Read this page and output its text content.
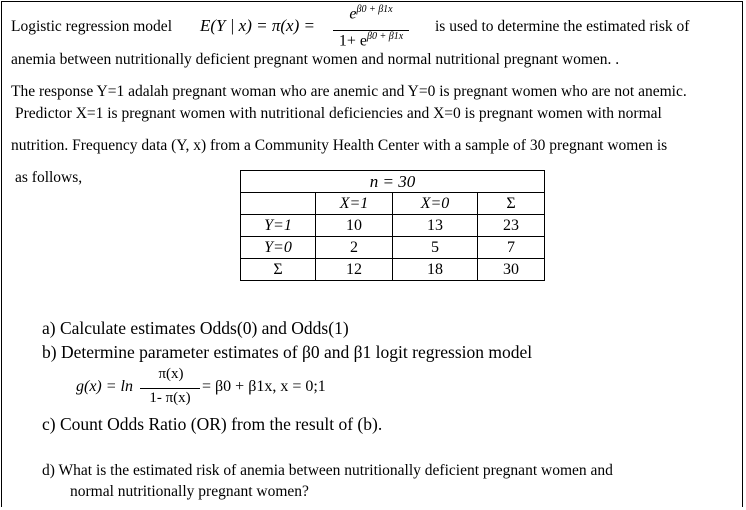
Logistic regression model E(Y | x) = π(x) =
$e^{\beta 0 + \beta 1x}$
$1+ e^{\beta 0 + \beta 1x}$
is used to determine the estimated risk of
anemia between nutritionally deficient pregnant women and normal nutritional pregnant women. .
The response Y=1 adalah pregnant woman who are anemic and Y=0 is pregnant women who are not anemic.
Predictor X=1 is pregnant women with nutritional deficiencies and X=0 is pregnant women with normal
nutrition. Frequency data (Y, x) from a Community Health Center with a sample of 30 pregnant women is
as follows,	n = 30			
	X=1	X=0	Σ
Y=1	10	13	23
Y=0	2	5	7
Σ	12	18	30
a) Calculate estimates Odds(0) and Odds(1)
b) Determine parameter estimates of β0 and β1 logit regression model
g(x) = ln
π(x)
1- π(x)
= β0 + β1x, x = 0;1
c) Count Odds Ratio (OR) from the result of (b).
d) What is the estimated risk of anemia between nutritionally deficient pregnant women and
normal nutritionally pregnant women?
